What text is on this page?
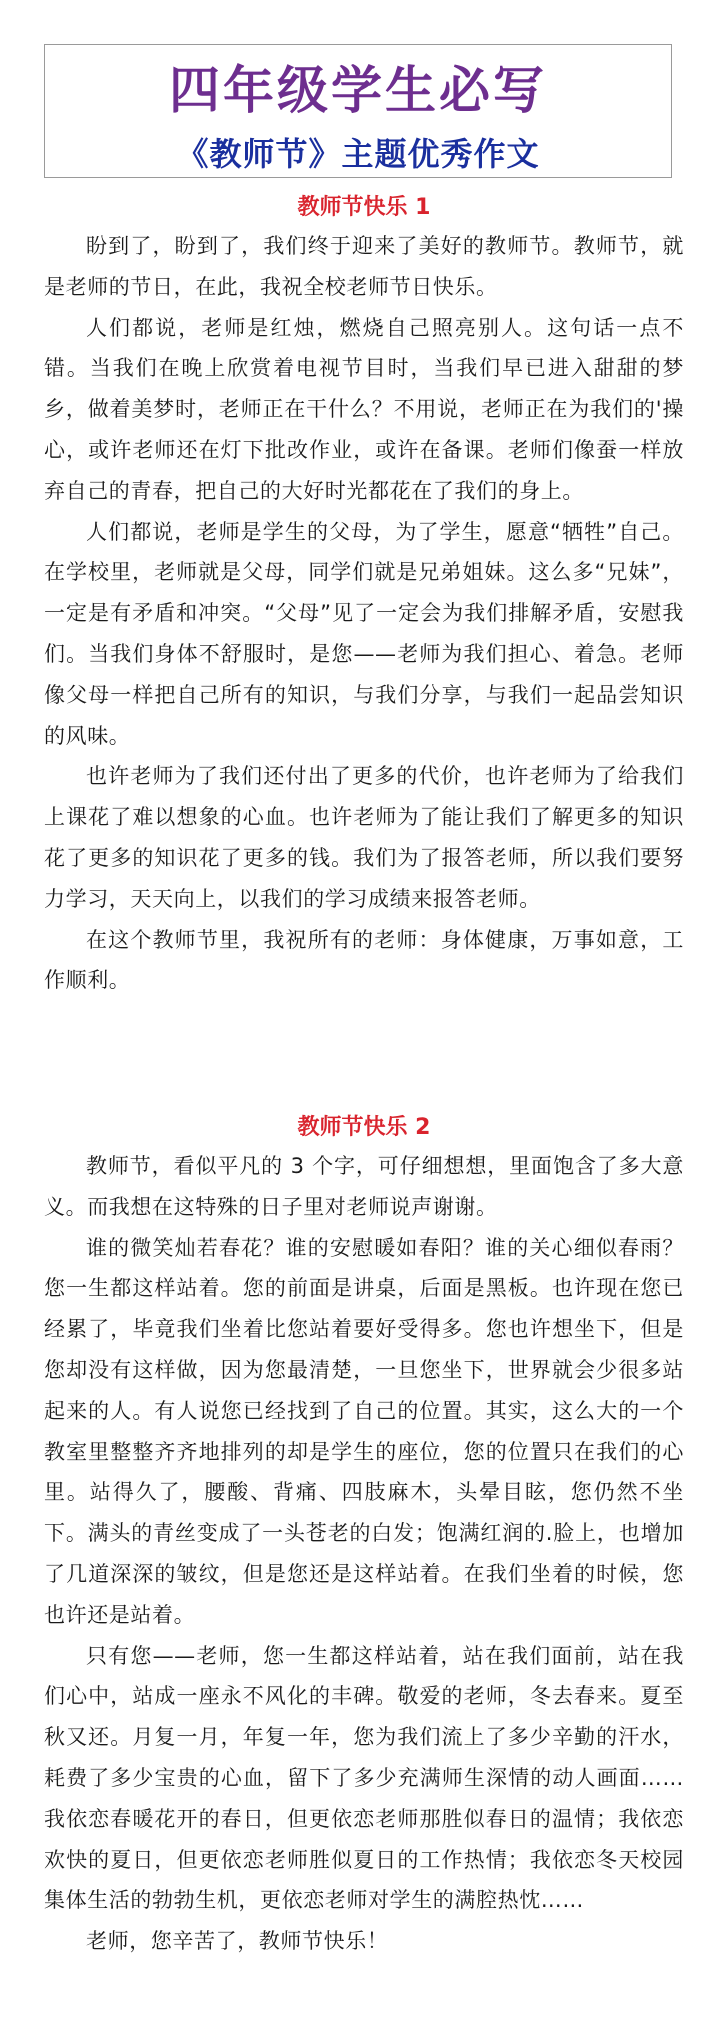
四年级学生必写
《教师节》主题优秀作文
教师节快乐 1

盼到了，盼到了，我们终于迎来了美好的教师节。教师节，就是老师的节日，在此，我祝全校老师节日快乐。

人们都说，老师是红烛，燃烧自己照亮别人。这句话一点不错。当我们在晚上欣赏着电视节目时，当我们早已进入甜甜的梦乡，做着美梦时，老师正在干什么？不用说，老师正在为我们的'操心，或许老师还在灯下批改作业，或许在备课。老师们像蚕一样放弃自己的青春，把自己的大好时光都花在了我们的身上。

人们都说，老师是学生的父母，为了学生，愿意“牺牲”自己。在学校里，老师就是父母，同学们就是兄弟姐妹。这么多“兄妹”，一定是有矛盾和冲突。“父母”见了一定会为我们排解矛盾，安慰我们。当我们身体不舒服时，是您——老师为我们担心、着急。老师像父母一样把自己所有的知识，与我们分享，与我们一起品尝知识的风味。

也许老师为了我们还付出了更多的代价，也许老师为了给我们上课花了难以想象的心血。也许老师为了能让我们了解更多的知识花了更多的知识花了更多的钱。我们为了报答老师，所以我们要努力学习，天天向上，以我们的学习成绩来报答老师。

在这个教师节里，我祝所有的老师：身体健康，万事如意，工作顺利。

教师节快乐 2

教师节，看似平凡的 3 个字，可仔细想想，里面饱含了多大意义。而我想在这特殊的日子里对老师说声谢谢。

谁的微笑灿若春花？谁的安慰暖如春阳？谁的关心细似春雨？您一生都这样站着。您的前面是讲桌，后面是黑板。也许现在您已经累了，毕竟我们坐着比您站着要好受得多。您也许想坐下，但是您却没有这样做，因为您最清楚，一旦您坐下，世界就会少很多站起来的人。有人说您已经找到了自己的位置。其实，这么大的一个教室里整整齐齐地排列的却是学生的座位，您的位置只在我们的心里。站得久了，腰酸、背痛、四肢麻木，头晕目眩，您仍然不坐下。满头的青丝变成了一头苍老的白发；饱满红润的.脸上，也增加了几道深深的皱纹，但是您还是这样站着。在我们坐着的时候，您也许还是站着。

只有您——老师，您一生都这样站着，站在我们面前，站在我们心中，站成一座永不风化的丰碑。敬爱的老师，冬去春来。夏至秋又还。月复一月，年复一年，您为我们流上了多少辛勤的汗水，耗费了多少宝贵的心血，留下了多少充满师生深情的动人画面……我依恋春暖花开的春日，但更依恋老师那胜似春日的温情；我依恋欢快的夏日，但更依恋老师胜似夏日的工作热情；我依恋冬天校园集体生活的勃勃生机，更依恋老师对学生的满腔热忱……

老师，您辛苦了，教师节快乐！
